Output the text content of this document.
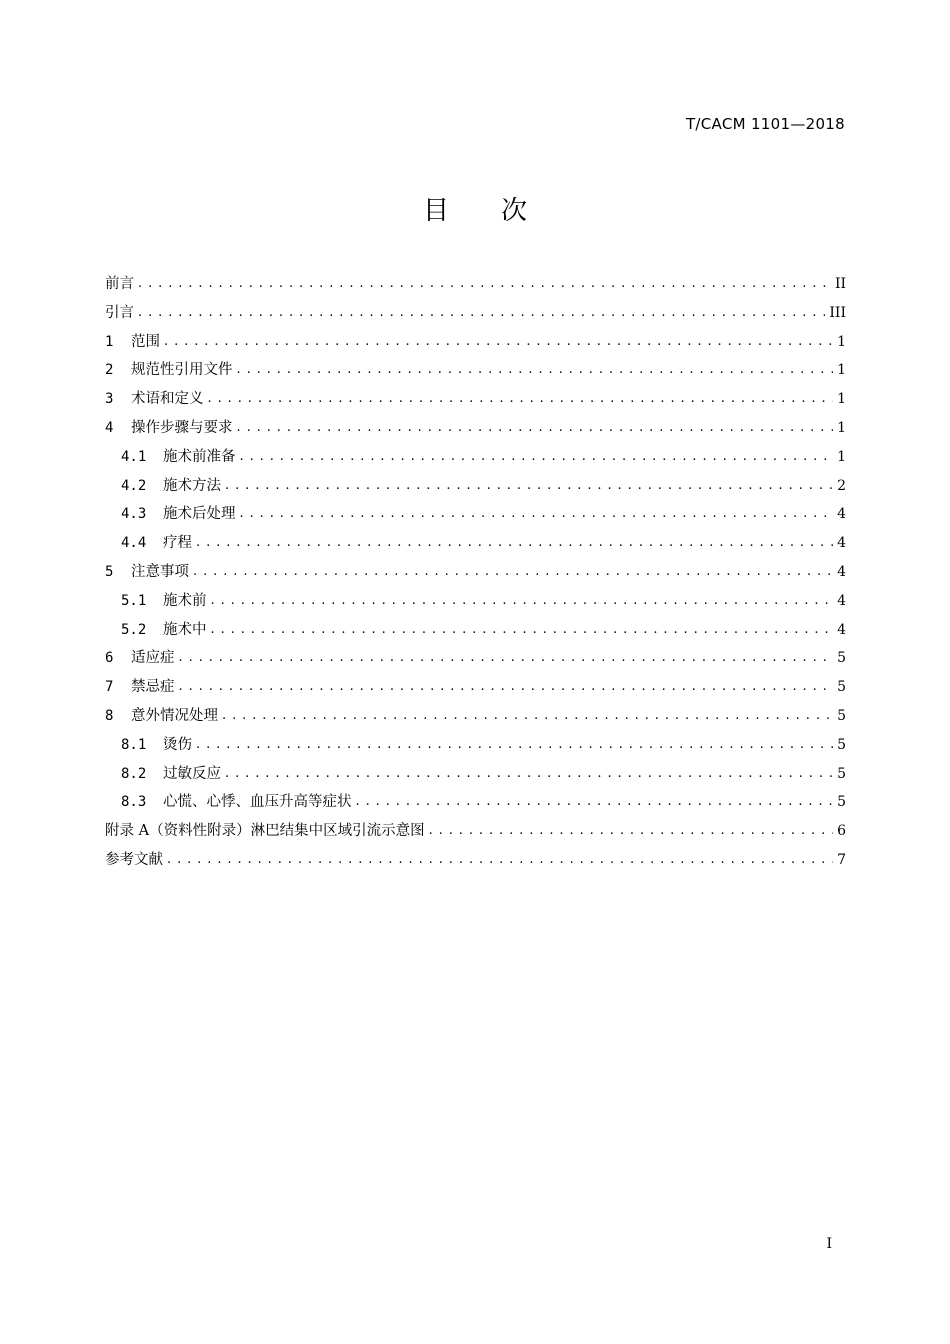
T/CACM 1101—2018
目 次
前言 . . .	II
引言 . . .	III
1	范围 . . .	1
2	规范性引用文件 . . .	1
3	术语和定义 . . .	1
4	操作步骤与要求 . . .	1
4.1	施术前准备 . . .	1
4.2	施术方法 . . .	2
4.3	施术后处理 . . .	4
4.4	疗程 . . .	4
5	注意事项 . . .	4
5.1	施术前 . . .	4
5.2	施术中 . . .	4
6	适应症 . . .	5
7	禁忌症 . . .	5
8	意外情况处理 . . .	5
8.1	烫伤 . . .	5
8.2	过敏反应 . . .	5
8.3	心慌、心悸、血压升高等症状 . . .	5
附录 A（资料性附录）淋巴结集中区域引流示意图 . . .	6
参考文献 . . .	7
I
